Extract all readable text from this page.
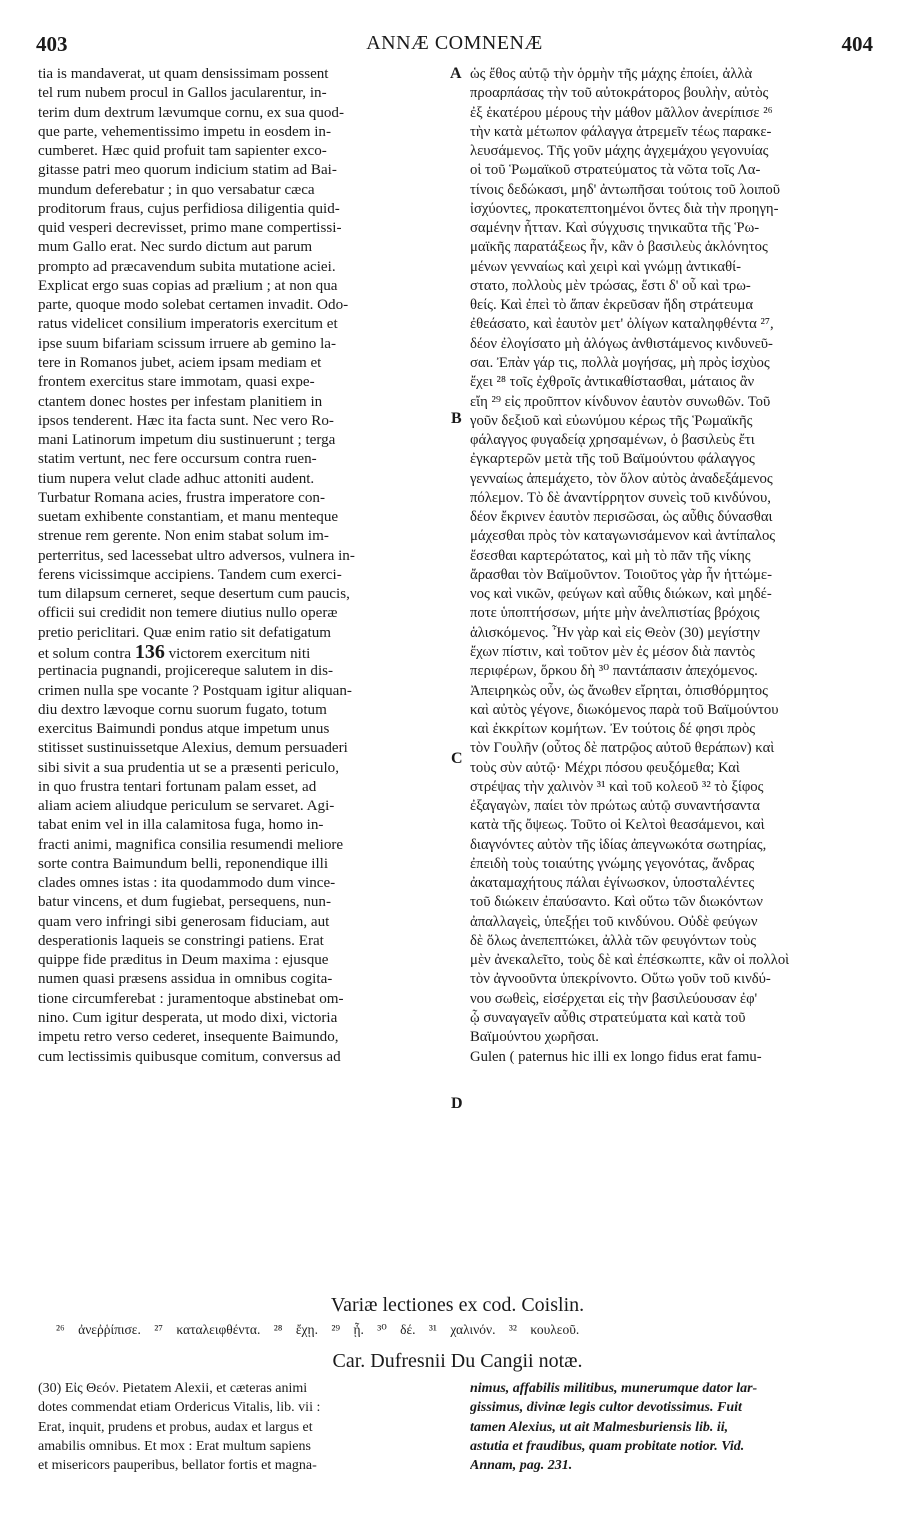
403	ANNÆ COMNENÆ	404
A
B
C
D
tia is mandaverat, ut quam densissimam possent
tel rum nubem procul in Gallos jacularentur, in-
terim dum dextrum lævumque cornu, ex sua quod-
que parte, vehementissimo impetu in eosdem in-
cumberet. Hæc quid profuit tam sapienter exco-
gitasse patri meo quorum indicium statim ad Bai-
mundum deferebatur ; in quo versabatur cæca
proditorum fraus, cujus perfidiosa diligentia quid-
quid vesperi decrevisset, primo mane compertissi-
mum Gallo erat. Nec surdo dictum aut parum
prompto ad præcavendum subita mutatione aciei.
Explicat ergo suas copias ad prælium ; at non qua
parte, quoque modo solebat certamen invadit. Odo-
ratus videlicet consilium imperatoris exercitum et
ipse suum bifariam scissum irruere ab gemino la-
tere in Romanos jubet, aciem ipsam mediam et
frontem exercitus stare immotam, quasi expe-
ctantem donec hostes per infestam planitiem in
ipsos tenderent. Hæc ita facta sunt. Nec vero Ro-
mani Latinorum impetum diu sustinuerunt ; terga
statim vertunt, nec fere occursum contra ruen-
tium nupera velut clade adhuc attoniti audent.
Turbatur Romana acies, frustra imperatore con-
suetam exhibente constantiam, et manu menteque
strenue rem gerente. Non enim stabat solum im-
perterritus, sed lacessebat ultro adversos, vulnera in-
ferens vicissimque accipiens. Tandem cum exerci-
tum dilapsum cerneret, seque desertum cum paucis,
officii sui credidit non temere diutius nullo operæ
pretio periclitari. Quæ enim ratio sit defatigatum
et solum contra 136 victorem exercitum niti
pertinacia pugnandi, projicereque salutem in dis-
crimen nulla spe vocante ? Postquam igitur aliquan-
diu dextro lævoque cornu suorum fugato, totum
exercitus Baimundi pondus atque impetum unus
stitisset sustinuissetque Alexius, demum persuaderi
sibi sivit a sua prudentia ut se a præsenti periculo,
in quo frustra tentari fortunam palam esset, ad
aliam aciem aliudque periculum se servaret. Agi-
tabat enim vel in illa calamitosa fuga, homo in-
fracti animi, magnifica consilia resumendi meliore
sorte contra Baimundum belli, reponendique illi
clades omnes istas : ita quodammodo dum vince-
batur vincens, et dum fugiebat, persequens, nun-
quam vero infringi sibi generosam fiduciam, aut
desperationis laqueis se constringi patiens. Erat
quippe fide præditus in Deum maxima : ejusque
numen quasi præsens assidua in omnibus cogita-
tione circumferebat : juramentoque abstinebat om-
nino. Cum igitur desperata, ut modo dixi, victoria
impetu retro verso cederet, insequente Baimundo,
cum lectissimis quibusque comitum, conversus ad
ὡς ἔθος αὐτῷ τὴν ὁρμὴν τῆς μάχης ἐποίει, ἀλλὰ
προαρπάσας τὴν τοῦ αὐτοκράτορος βουλὴν, αὐτὸς
ἐξ ἑκατέρου μέρους τὴν μάθον μᾶλλον ἀνερίπισε ²⁶
τὴν κατὰ μέτωπον φάλαγγα ἀτρεμεῖν τέως παρακε-
λευσάμενος. Τῆς γοῦν μάχης ἀγχεμάχου γεγονυίας
οἱ τοῦ Ῥωμαϊκοῦ στρατεύματος τὰ νῶτα τοῖς Λα-
τίνοις δεδώκασι, μηδ' ἀντωπῆσαι τούτοις τοῦ λοιποῦ
ἰσχύοντες, προκατεπτοημένοι ὄντες διὰ τὴν προηγη-
σαμένην ἧτταν. Καὶ σύγχυσις τηνικαῦτα τῆς Ῥω-
μαϊκῆς παρατάξεως ἦν, κἂν ὁ βασιλεὺς ἀκλόνητος
μένων γενναίως καὶ χειρὶ καὶ γνώμῃ ἀντικαθί-
στατο, πολλοὺς μὲν τρώσας, ἔστι δ' οὗ καὶ τρω-
θείς. Καὶ ἐπεὶ τὸ ἅπαν ἐκρεῦσαν ἤδη στράτευμα
ἐθεάσατο, καὶ ἑαυτὸν μετ' ὀλίγων καταληφθέντα ²⁷,
δέον ἐλογίσατο μὴ ἀλόγως ἀνθιστάμενος κινδυνεῦ-
σαι. Ἐπὰν γάρ τις, πολλὰ μογήσας, μὴ πρὸς ἰσχὺος
ἔχει ²⁸ τοῖς ἐχθροῖς ἀντικαθίστασθαι, μάταιος ἂν
εἴη ²⁹ εἰς προῦπτον κίνδυνον ἑαυτὸν συνωθῶν. Τοῦ
γοῦν δεξιοῦ καὶ εὐωνύμου κέρως τῆς Ῥωμαϊκῆς
φάλαγγος φυγαδείᾳ χρησαμένων, ὁ βασιλεὺς ἔτι
ἐγκαρτερῶν μετὰ τῆς τοῦ Βαϊμούντου φάλαγγος
γενναίως ἀπεμάχετο, τὸν ὅλον αὐτὸς ἀναδεξάμενος
πόλεμον. Τὸ δὲ ἀναντίρρητον συνεὶς τοῦ κινδύνου,
δέον ἔκρινεν ἑαυτὸν περισῶσαι, ὡς αὖθις δύνασθαι
μάχεσθαι πρὸς τὸν καταγωνισάμενον καὶ ἀντίπαλος
ἔσεσθαι καρτερώτατος, καὶ μὴ τὸ πᾶν τῆς νίκης
ἄρασθαι τὸν Βαϊμοῦντον. Τοιοῦτος γὰρ ἦν ἡττώμε-
νος καὶ νικῶν, φεύγων καὶ αὖθις διώκων, καὶ μηδέ-
ποτε ὑποπτήσσων, μήτε μὴν ἀνελπιστίας βρόχοις
ἁλισκόμενος. Ἦν γὰρ καὶ εἰς Θεὸν (30) μεγίστην
ἔχων πίστιν, καὶ τοῦτον μὲν ἐς μέσον διὰ παντὸς
περιφέρων, ὅρκου δὴ ³⁰ παντάπασιν ἀπεχόμενος.
Ἀπειρηκὼς οὖν, ὡς ἄνωθεν εἴρηται, ὀπισθόρμητος
καὶ αὐτὸς γέγονε, διωκόμενος παρὰ τοῦ Βαϊμούντου
καὶ ἐκκρίτων κομήτων. Ἐν τούτοις δέ φησι πρὸς
τὸν Γουλῆν (οὗτος δὲ πατρῷος αὐτοῦ θεράπων) καὶ
τοὺς σὺν αὐτῷ· Μέχρι πόσου φευξόμεθα; Καὶ
στρέψας τὴν χαλινὸν ³¹ καὶ τοῦ κολεοῦ ³² τὸ ξίφος
ἐξαγαγὼν, παίει τὸν πρώτως αὐτῷ συναντήσαντα
κατὰ τῆς ὄψεως. Τοῦτο οἱ Κελτοὶ θεασάμενοι, καὶ
διαγνόντες αὐτὸν τῆς ἰδίας ἀπεγνωκότα σωτηρίας,
ἐπειδὴ τοὺς τοιαύτης γνώμης γεγονότας, ἄνδρας
ἀκαταμαχήτους πάλαι ἐγίνωσκον, ὑποσταλέντες
τοῦ διώκειν ἐπαύσαντο. Καὶ οὕτω τῶν διωκόντων
ἀπαλλαγεὶς, ὑπεξῄει τοῦ κινδύνου. Οὐδὲ φεύγων
δὲ ὅλως ἀνεπεπτώκει, ἀλλὰ τῶν φευγόντων τοὺς
μὲν ἀνεκαλεῖτο, τοὺς δὲ καὶ ἐπέσκωπτε, κἂν οἱ πολλοὶ
τὸν ἀγνοοῦντα ὑπεκρίνοντο. Οὕτω γοῦν τοῦ κινδύ-
νου σωθεὶς, εἰσέρχεται εἰς τὴν βασιλεύουσαν ἐφ'
ᾧ συναγαγεῖν αὖθις στρατεύματα καὶ κατὰ τοῦ
Βαϊμούντου χωρῆσαι.
Gulen ( paternus hic illi ex longo fidus erat famu-
Variæ lectiones ex cod. Coislin.
²⁶ ἀνεῤῥίπισε. ²⁷ καταλειφθέντα. ²⁸ ἔχῃ. ²⁹ ᾖ. ³⁰ δέ. ³¹ χαλινόν. ³² κουλεοῦ.
Car. Dufresnii Du Cangii notæ.
(30) Εἰς Θεόν. Pietatem Alexii, et cæteras animi
dotes commendat etiam Ordericus Vitalis, lib. vii :
Erat, inquit, prudens et probus, audax et largus et
amabilis omnibus. Et mox : Erat multum sapiens
et misericors pauperibus, bellator fortis et magna-
nimus, affabilis militibus, munerumque dator lar-
gissimus, divinæ legis cultor devotissimus. Fuit
tamen Alexius, ut ait Malmesburiensis lib. ii,
astutia et fraudibus, quam probitate notior. Vid.
Annam, pag. 231.
